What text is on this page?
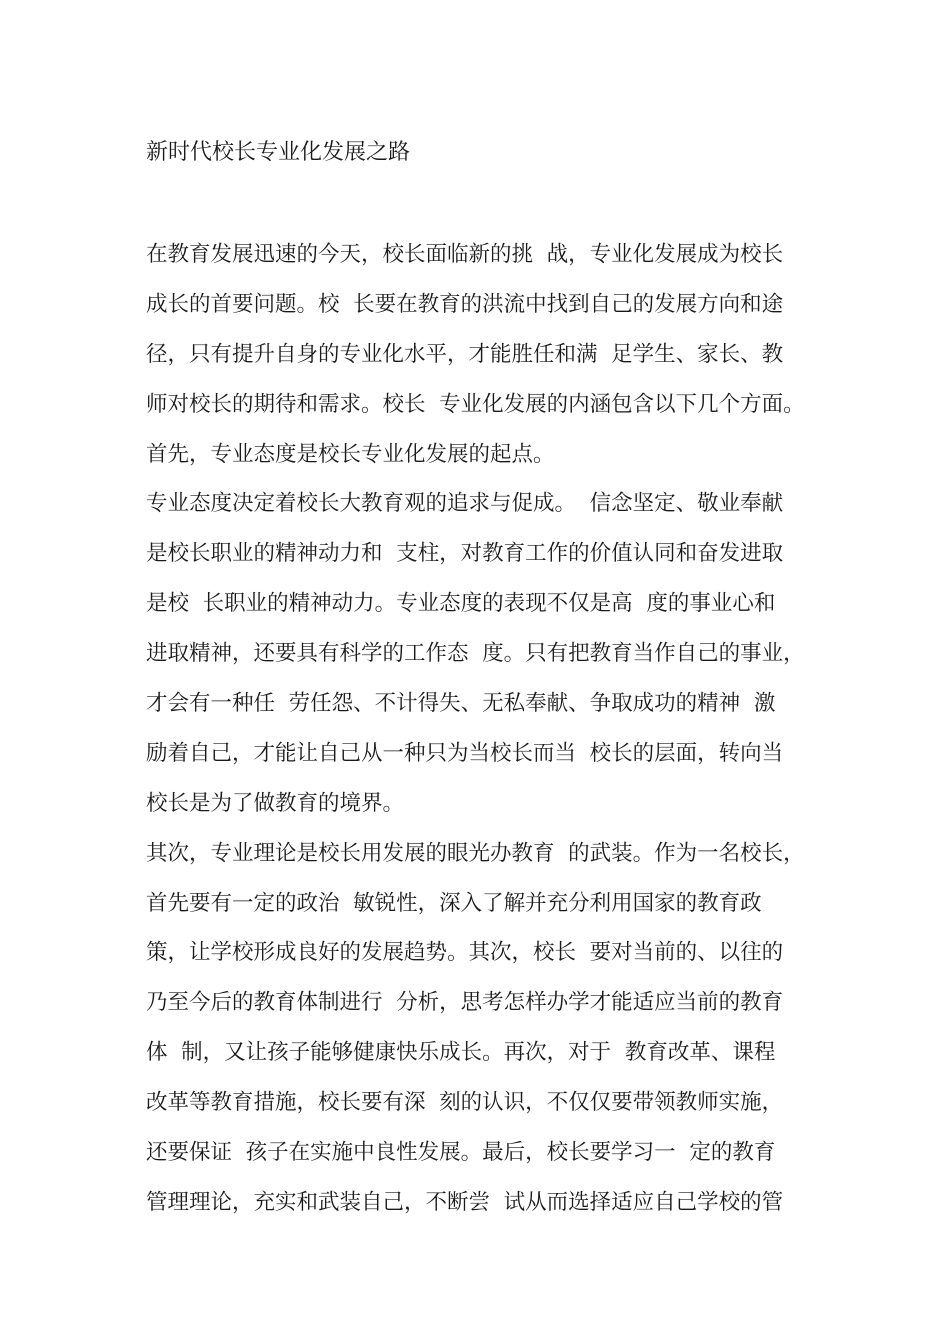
新时代校长专业化发展之路
在教育发展迅速的今天，校长面临新的挑  战，专业化发展成为校长
成长的首要问题。校  长要在教育的洪流中找到自己的发展方向和途
径，只有提升自身的专业化水平，才能胜任和满  足学生、家长、教
师对校长的期待和需求。校长  专业化发展的内涵包含以下几个方面。
首先，专业态度是校长专业化发展的起点。
专业态度决定着校长大教育观的追求与促成。  信念坚定、敬业奉献
是校长职业的精神动力和  支柱，对教育工作的价值认同和奋发进取
是校  长职业的精神动力。专业态度的表现不仅是高  度的事业心和
进取精神，还要具有科学的工作态  度。只有把教育当作自己的事业，
才会有一种任  劳任怨、不计得失、无私奉献、争取成功的精神  激
励着自己，才能让自己从一种只为当校长而当  校长的层面，转向当
校长是为了做教育的境界。
其次，专业理论是校长用发展的眼光办教育  的武装。作为一名校长，
首先要有一定的政治  敏锐性，深入了解并充分利用国家的教育政
策，让学校形成良好的发展趋势。其次，校长  要对当前的、以往的
乃至今后的教育体制进行  分析，思考怎样办学才能适应当前的教育
体  制，又让孩子能够健康快乐成长。再次，对于  教育改革、课程
改革等教育措施，校长要有深  刻的认识，不仅仅要带领教师实施，
还要保证  孩子在实施中良性发展。最后，校长要学习一  定的教育
管理理论，充实和武装自己，不断尝  试从而选择适应自己学校的管
